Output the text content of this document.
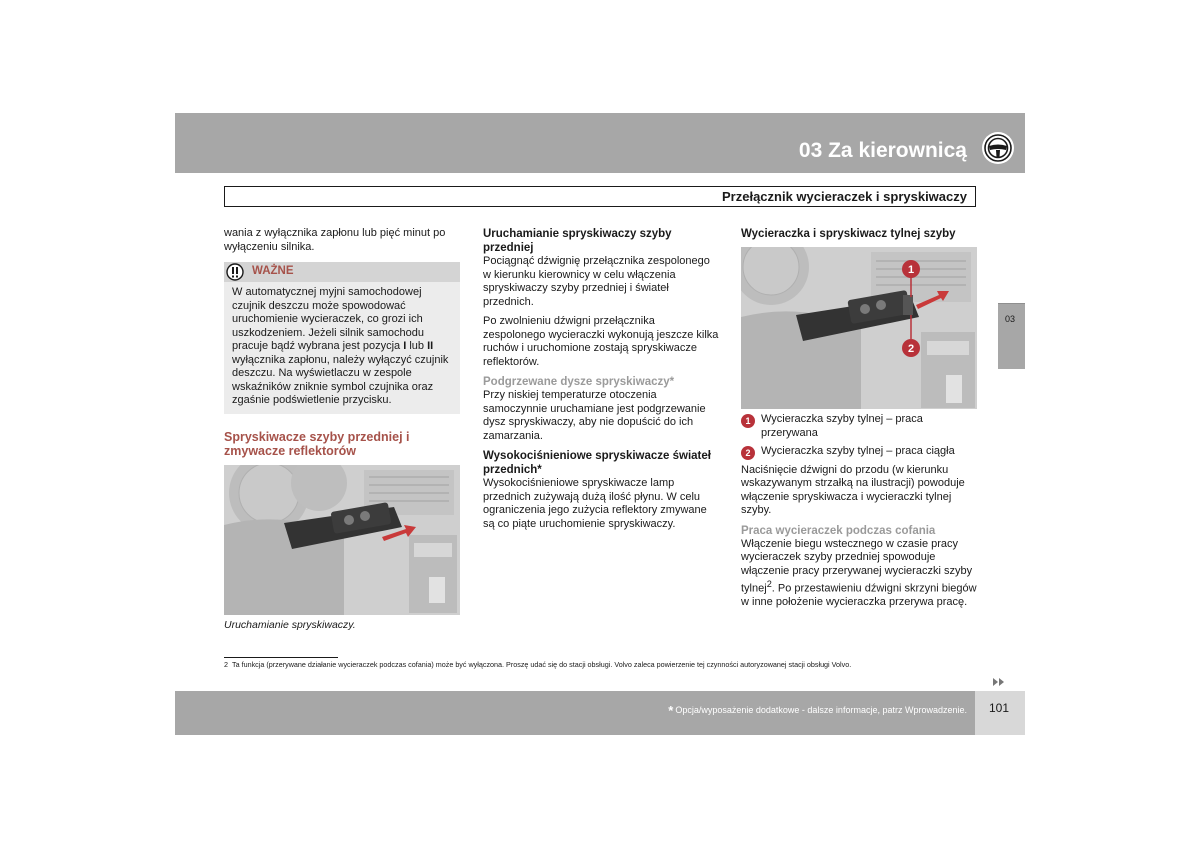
03 Za kierownicą
Przełącznik wycieraczek i spryskiwaczy
03

wania z wyłącznika zapłonu lub pięć minut po wyłączeniu silnika.

WAŻNE
W automatycznej myjni samochodowej czujnik deszczu może spowodować uruchomienie wycieraczek, co grozi ich uszkodzeniem. Jeżeli silnik samochodu pracuje bądź wybrana jest pozycja I lub II wyłącznika zapłonu, należy wyłączyć czujnik deszczu. Na wyświetlaczu w zespole wskaźników zniknie symbol czujnika oraz zgaśnie podświetlenie przycisku.
Spryskiwacze szyby przedniej i zmywacze reflektorów
Uruchamianie spryskiwaczy.
Uruchamianie spryskiwaczy szyby przedniej

Pociągnąć dźwignię przełącznika zespolonego w kierunku kierownicy w celu włączenia spryskiwaczy szyby przedniej i świateł przednich.

Po zwolnieniu dźwigni przełącznika zespolonego wycieraczki wykonują jeszcze kilka ruchów i uruchomione zostają spryskiwacze reflektorów.

Podgrzewane dysze spryskiwaczy*

Przy niskiej temperaturze otoczenia samoczynnie uruchamiane jest podgrzewanie dysz spryskiwaczy, aby nie dopuścić do ich zamarzania.

Wysokociśnieniowe spryskiwacze świateł przednich*

Wysokociśnieniowe spryskiwacze lamp przednich zużywają dużą ilość płynu. W celu ograniczenia jego zużycia reflektory zmywane są co piąte uruchomienie spryskiwaczy.

Wycieraczka i spryskiwacz tylnej szyby
1
2
1 Wycieraczka szyby tylnej – praca przerywana
2 Wycieraczka szyby tylnej – praca ciągła

Naciśnięcie dźwigni do przodu (w kierunku wskazywanym strzałką na ilustracji) powoduje włączenie spryskiwacza i wycieraczki tylnej szyby.

Praca wycieraczek podczas cofania

Włączenie biegu wstecznego w czasie pracy wycieraczek szyby przedniej spowoduje włączenie pracy przerywanej wycieraczki szyby tylnej$^2$. Po przestawieniu dźwigni skrzyni biegów w inne położenie wycieraczka przerywa pracę.

2 Ta funkcja (przerywane działanie wycieraczek podczas cofania) może być wyłączona. Proszę udać się do stacji obsługi. Volvo zaleca powierzenie tej czynności autoryzowanej stacji obsługi Volvo.
* Opcja/wyposażenie dodatkowe - dalsze informacje, patrz Wprowadzenie. 101
